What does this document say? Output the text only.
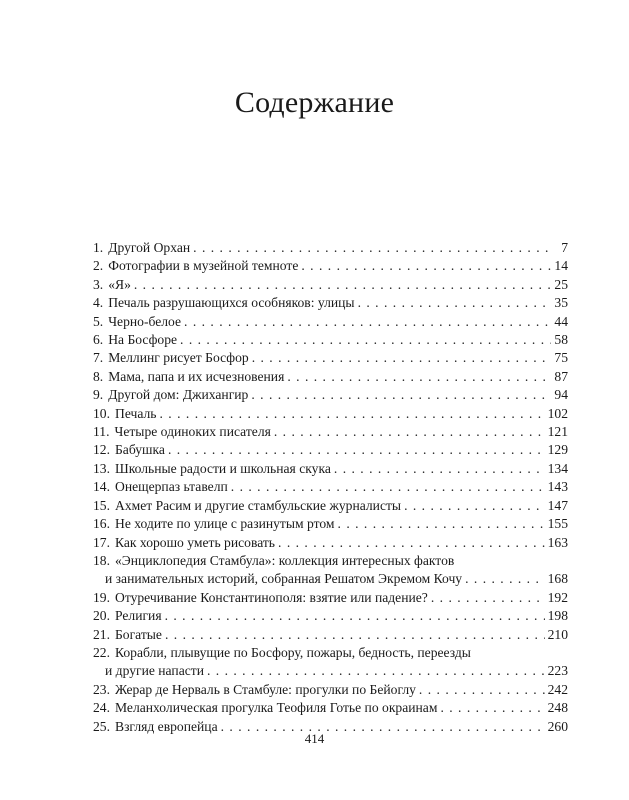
Содержание
1. Другой Орхан . . .	7
2. Фотографии в музейной темноте . . .	14
3. «Я» . . .	25
4. Печаль разрушающихся особняков: улицы . . .	35
5. Черно-белое . . .	44
6. На Босфоре . . .	58
7. Меллинг рисует Босфор . . .	75
8. Мама, папа и их исчезновения . . .	87
9. Другой дом: Джихангир . . .	94
10. Печаль . . .	102
11. Четыре одиноких писателя . . .	121
12. Бабушка . . .	129
13. Школьные радости и школьная скука . . .	134
14. Онещерпаз ьтавелп . . .	143
15. Ахмет Расим и другие стамбульские журналисты . . .	147
16. Не ходите по улице с разинутым ртом . . .	155
17. Как хорошо уметь рисовать . . .	163
18. «Энциклопедия Стамбула»: коллекция интересных фактов
и занимательных историй, собранная Решатом Экремом Кочу . . .	168
19. Отуречивание Константинополя: взятие или падение? . . .	192
20. Религия . . .	198
21. Богатые . . .	210
22. Корабли, плывущие по Босфору, пожары, бедность, переезды
и другие напасти . . .	223
23. Жерар де Нерваль в Стамбуле: прогулки по Бейоглу . . .	242
24. Меланхолическая прогулка Теофиля Готье по окраинам . . .	248
25. Взгляд европейца . . .	260
414
